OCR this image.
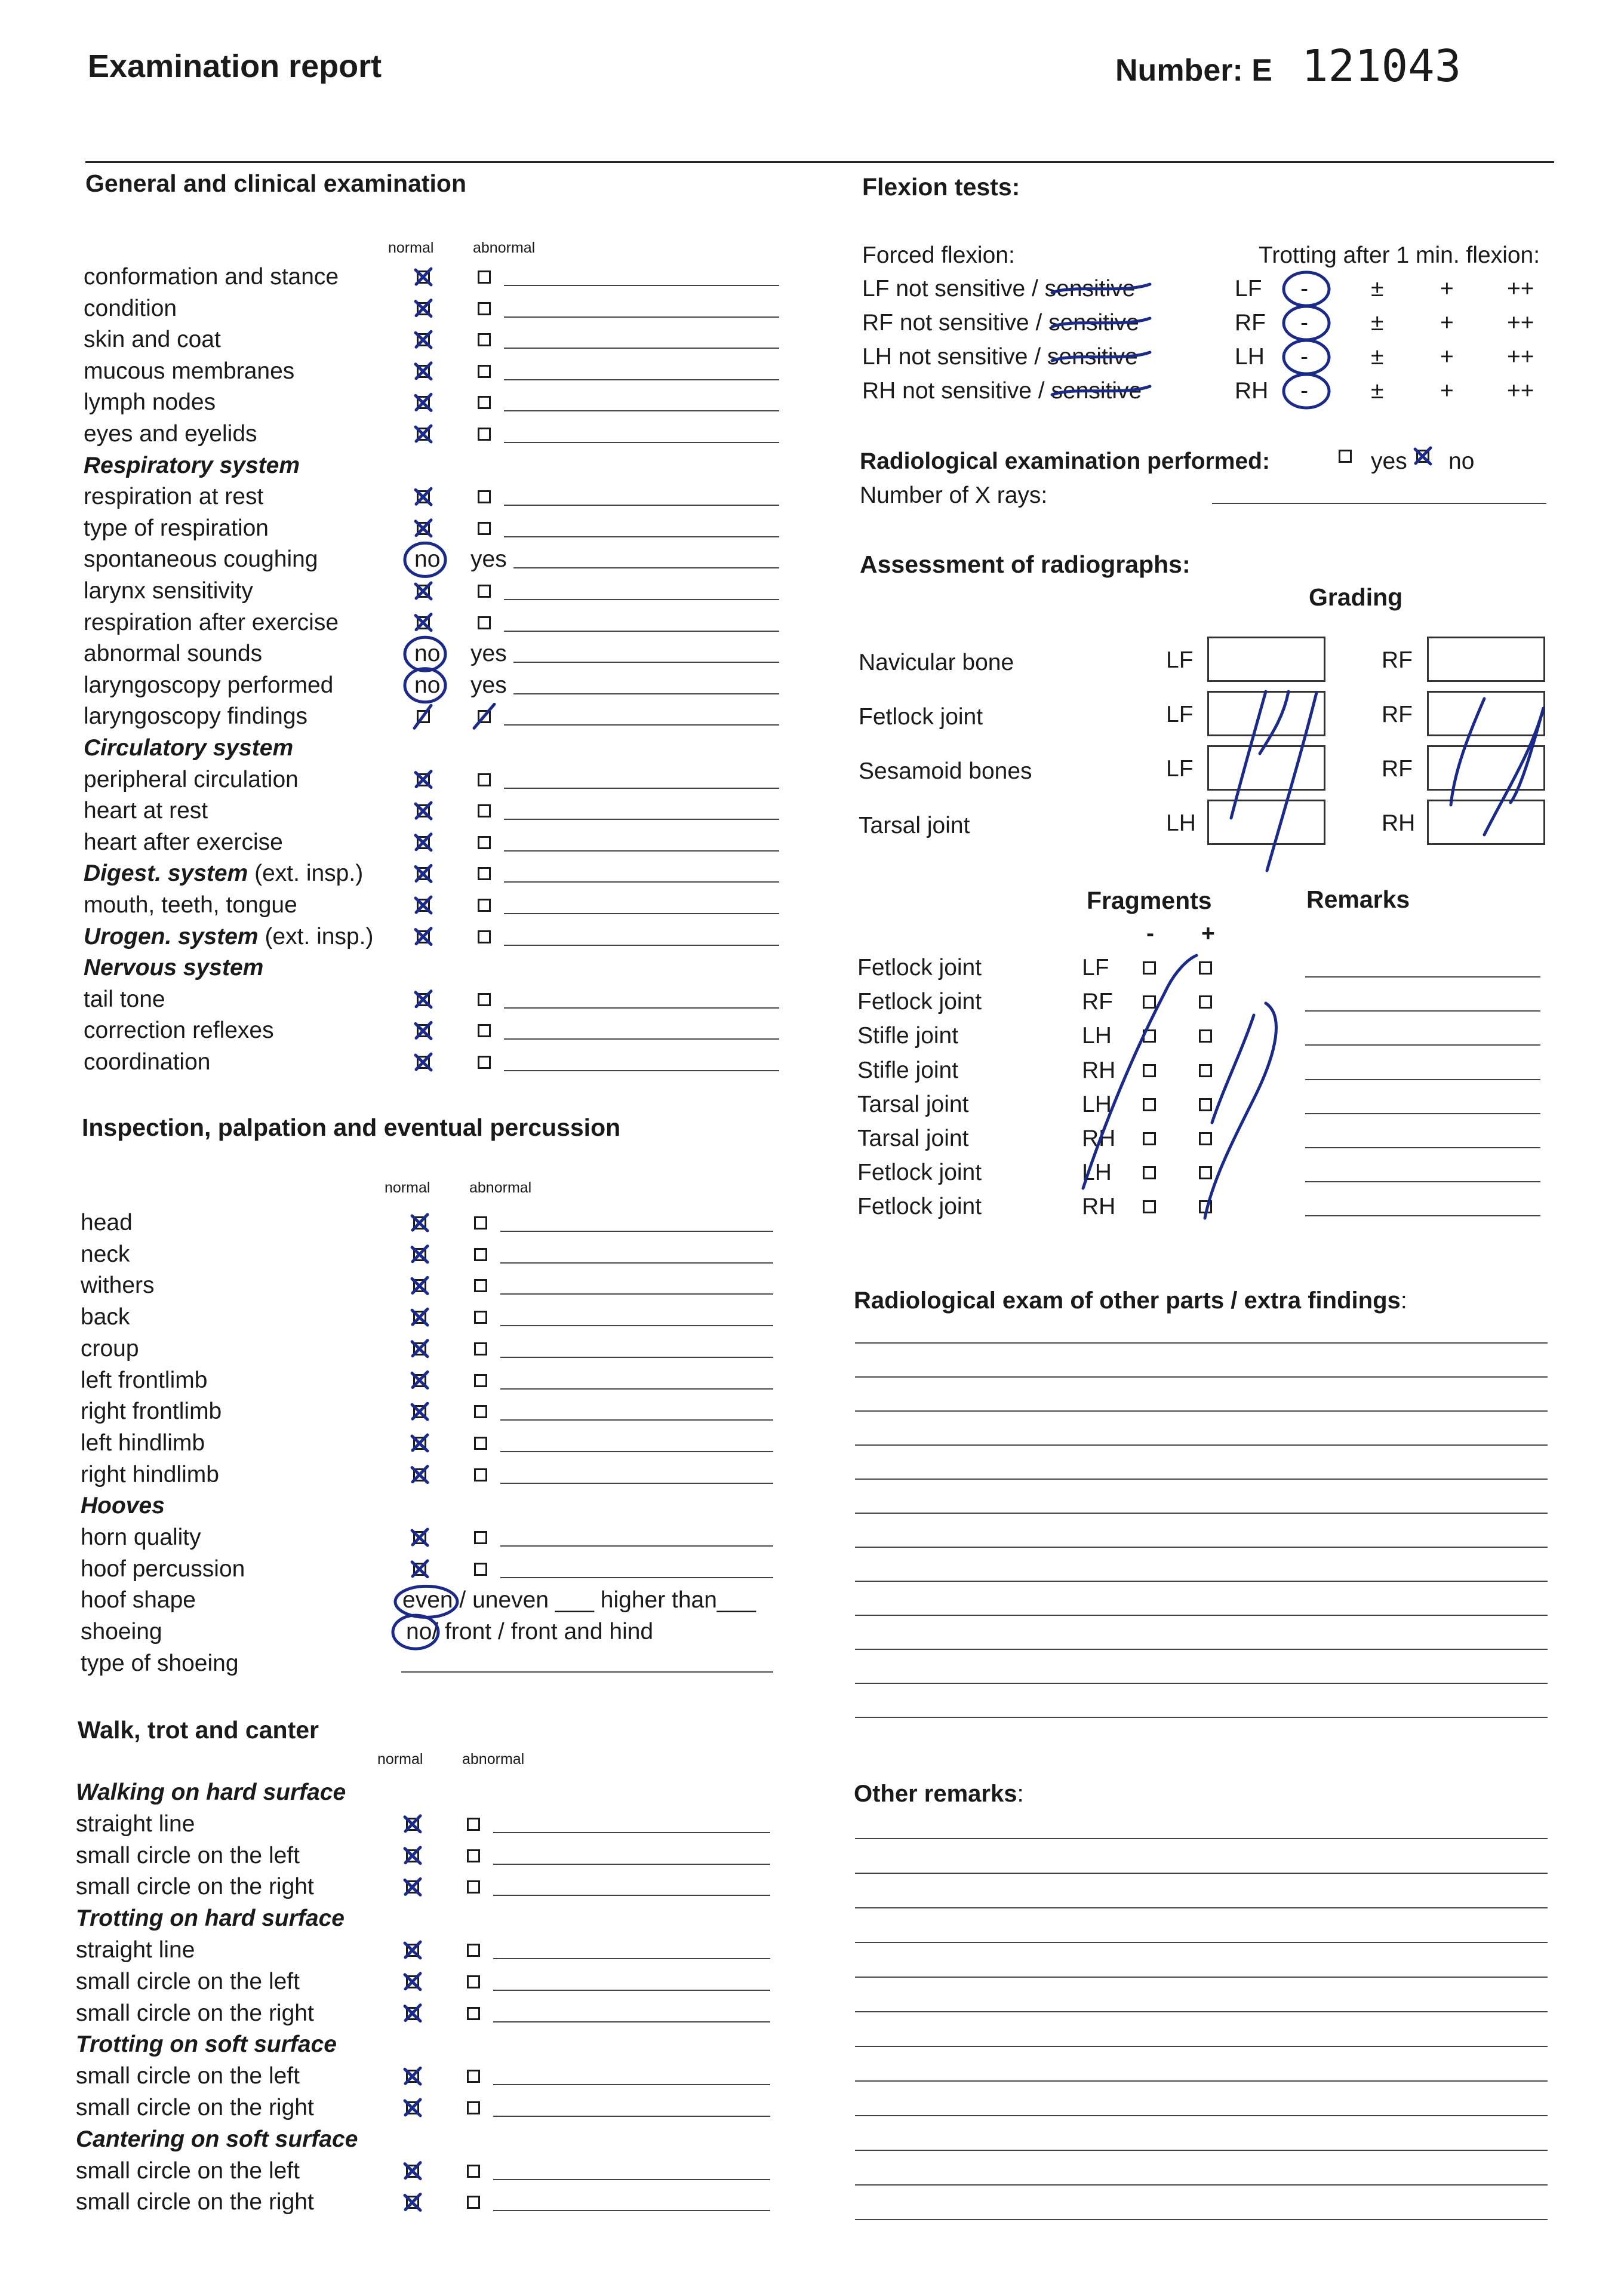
Examination report	Number: E 121043
General and clinical examination
normal	abnormal
conformation and stance
condition
skin and coat
mucous membranes
lymph nodes
eyes and eyelids
Respiratory system
respiration at rest
type of respiration
spontaneous coughing	no yes
larynx sensitivity
respiration after exercise
abnormal sounds	no yes
laryngoscopy performed	no yes
laryngoscopy findings
Circulatory system
peripheral circulation
heart at rest
heart after exercise
Digest. system (ext. insp.)
mouth, teeth, tongue
Urogen. system (ext. insp.)
Nervous system
tail tone
correction reflexes
coordination
Inspection, palpation and eventual percussion
normal	abnormal
head
neck
withers
back
croup
left frontlimb
right frontlimb
left hindlimb
right hindlimb
Hooves
horn quality
hoof percussion
hoof shape	even / uneven ___ higher than___
shoeing	no/ front / front and hind
type of shoeing
Walk, trot and canter
normal	abnormal
Walking on hard surface
straight line
small circle on the left
small circle on the right
Trotting on hard surface
straight line
small circle on the left
small circle on the right
Trotting on soft surface
small circle on the left
small circle on the right
Cantering on soft surface
small circle on the left
small circle on the right
Flexion tests:
Forced flexion:	Trotting after 1 min. flexion:
LF not sensitive / sensitive	LF -	± + ++
RF not sensitive / sensitive	RF -	± + ++
LH not sensitive / sensitive	LH -	± + ++
RH not sensitive / sensitive	RH -	± + ++
Radiological examination performed:	yes no
Number of X rays:
Assessment of radiographs:
Grading
Navicular bone	LF	RF
Fetlock joint	LF	RF
Sesamoid bones	LF	RF
Tarsal joint	LH	RH
Fragments	Remarks
- +
Fetlock joint	LF
Fetlock joint	RF
Stifle joint	LH
Stifle joint	RH
Tarsal joint	LH
Tarsal joint	RH
Fetlock joint	LH
Fetlock joint	RH
Radiological exam of other parts / extra findings:
Other remarks:
